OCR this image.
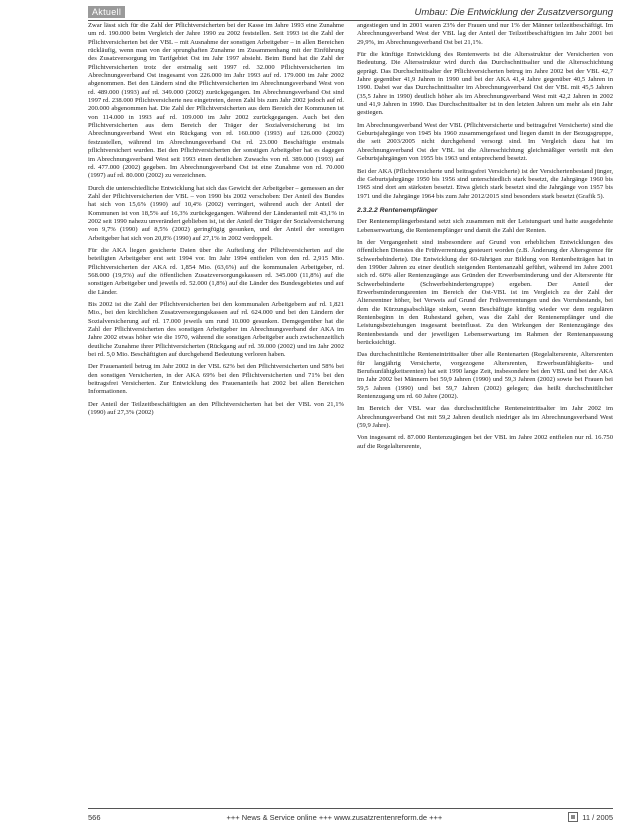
Aktuell	Umbau: Die Entwicklung der Zusatzversorgung

Zwar lässt sich für die Zahl der Pflichtversicherten bei der Kasse im Jahre 1993 eine Zunahme um rd. 190.000 beim Vergleich der Jahre 1990 zu 2002 feststellen. Seit 1993 ist die Zahl der Pflichtversicherten bei der VBL – mit Ausnahme der sonstigen Arbeitgeber – in allen Bereichen rückläufig, wenn man von der sprunghaften Zunahme im Zusammenhang mit der Einführung des Zusatzversorgung im Tarifgebiet Ost im Jahr 1997 absieht. Beim Bund hat die Zahl der Pflichtversicherten trotz der erstmalig seit 1997 rd. 32.000 Pflichtversicherten im Abrechnungsverband Ost insgesamt von 226.000 im Jahr 1993 auf rd. 179.000 im Jahr 2002 abgenommen. Bei den Ländern sind die Pflichtversicherten im Abrechnungsverband West von rd. 489.000 (1993) auf rd. 349.000 (2002) zurückgegangen. Im Abrechnungsverband Ost sind 1997 rd. 238.000 Pflichtversicherte neu eingetreten, deren Zahl bis zum Jahr 2002 jedoch auf rd. 200.000 abgenommen hat. Die Zahl der Pflichtversicherten aus dem Bereich der Kommunen ist von 114.000 in 1993 auf rd. 109.000 im Jahr 2002 zurückgegangen. Auch bei den Pflichtversicherten aus dem Bereich der Träger der Sozialversicherung ist im Abrechnungsverband West ein Rückgang von rd. 160.000 (1993) auf 126.000 (2002) festzustellen, während im Abrechnungsverband Ost rd. 23.000 Beschäftigte erstmals pflichtversichert wurden. Bei den Pflichtversicherten der sonstigen Arbeitgeber hat es dagegen im Abrechnungsverband West seit 1993 einen deutlichen Zuwachs von rd. 389.000 (1993) auf rd. 477.000 (2002) gegeben. Im Abrechnungsverband Ost ist eine Zunahme von rd. 70.000 (1997) auf rd. 80.000 (2002) zu verzeichnen.

Durch die unterschiedliche Entwicklung hat sich das Gewicht der Arbeitgeber – gemessen an der Zahl der Pflichtversicherten der VBL – von 1990 bis 2002 verschoben: Der Anteil des Bundes hat sich von 15,6% (1990) auf 10,4% (2002) verringert, während auch der Anteil der Kommunen ist von 18,5% auf 16,3% zurückgegangen. Während der Länderanteil mit 43,1% in 2002 seit 1990 nahezu unverändert geblieben ist, ist der Anteil der Träger der Sozialversicherung von 9,7% (1990) auf 8,5% (2002) geringfügig gesunken, und der Anteil der sonstigen Arbeitgeber hat sich von 20,8% (1990) auf 27,1% in 2002 verdoppelt.

Für die AKA liegen gesicherte Daten über die Aufteilung der Pflichtversicherten auf die beteiligten Arbeitgeber erst seit 1994 vor. Im Jahr 1994 entfielen von den rd. 2,915 Mio. Pflichtversicherten der AKA rd. 1,854 Mio. (63,6%) auf die kommunalen Arbeitgeber, rd. 568.000 (19,5%) auf die öffentlichen Zusatzversorgungskassen rd. 345.000 (11,8%) auf die sonstigen Arbeitgeber und jeweils rd. 52.000 (1,8%) auf die Länder des Bundesgebietes und auf die Länder.

Bis 2002 ist die Zahl der Pflichtversicherten bei den kommunalen Arbeitgebern auf rd. 1,821 Mio., bei den kirchlichen Zusatzversorgungskassen auf rd. 624.000 und bei den Ländern der Sozialversicherung auf rd. 17.000 jeweils um rund 10.000 gesunken. Demgegenüber hat die Zahl der Pflichtversicherten des sonstigen Arbeitgeber im Abrechnungsverband der AKA im Jahre 2002 etwas höher wie die 1970, während die sonstigen Arbeitgeber auch zwischenzeitlich deutliche Zunahme ihrer Pflichtversicherten (Rückgang auf rd. 39.000 (2002) und im Jahr 2002 bei rd. 5,0 Mio. Beschäftigten auf durchgehend Bedeutung verloren haben.

Der Frauenanteil betrug im Jahr 2002 in der VBL 62% bei den Pflichtversicherten und 58% bei den sonstigen Versicherten, in der AKA 69% bei den Pflichtversicherten und 71% bei den beitragsfrei Versicherten. Zur Entwicklung des Frauenanteils hat 2002 bei allen Bereichen Informationen.

Der Anteil der Teilzeitbeschäftigten an den Pflichtversicherten hat bei der VBL von 21,1% (1990) auf 27,3% (2002)

angestiegen und in 2001 waren 23% der Frauen und nur 1% der Männer teilzeitbeschäftigt. Im Abrechnungsverband West der VBL lag der Anteil der Teilzeitbeschäftigten im Jahr 2001 bei 29,9%, im Abrechnungsverband Ost bei 21,1%.

Für die künftige Entwicklung des Rentenwerts ist die Altersstruktur der Versicherten von Bedeutung. Die Altersstruktur wird durch das Durchschnittsalter und die Altersschichtung geprägt. Das Durchschnittsalter der Pflichtversicherten betrug im Jahre 2002 bei der VBL 42,7 Jahre gegenüber 41,9 Jahren in 1990 und bei der AKA 41,4 Jahre gegenüber 40,5 Jahren in 1990. Dabei war das Durchschnittsalter im Abrechnungsverband Ost der VBL mit 45,5 Jahren (35,5 Jahre in 1990) deutlich höher als im Abrechnungsverband West mit 42,2 Jahren in 2002 und 41,9 Jahren in 1990. Das Durchschnittsalter ist in den letzten Jahren um mehr als ein Jahr gestiegen.

Im Abrechnungsverband West der VBL (Pflichtversicherte und beitragsfrei Versicherte) sind die Geburtsjahrgänge von 1945 bis 1960 zusammengefasst und liegen damit in der Bezugsgruppe, die seit 2003/2005 nicht durchgehend versorgt sind. Im Vergleich dazu hat im Abrechnungsverband Ost der VBL ist die Altersschichtung gleichmäßiger verteilt mit den Geburtsjahrgängen von 1955 bis 1963 und entsprechend besetzt.

Bei der AKA (Pflichtversicherte und beitragsfrei Versicherte) ist der Versichertenbestand jünger, die Geburtsjahrgänge 1950 bis 1956 sind unterschiedlich stark besetzt, die Jahrgänge 1960 bis 1965 sind dort am stärksten besetzt. Etwa gleich stark besetzt sind die Jahrgänge von 1957 bis 1971 und die Jahrgänge 1964 bis zum Jahr 2012/2015 sind besonders stark besetzt (Grafik 5).

2.3.2.2 Rentenempfänger

Der Rentenempfängerbestand setzt sich zusammen mit der Leistungsart und hatte ausgedehnte Lebenserwartung, die Rentenempfänger und damit die Zahl der Renten.

In der Vergangenheit sind insbesondere auf Grund von erheblichen Entwicklungen des öffentlichen Dienstes die Frühverrentung gesteuert worden (z.B. Änderung der Altersgrenze für Schwerbehinderte). Die Entwicklung der 60-Jährigen zur Bildung von Rentenbeiträgen hat in den 1990er Jahren zu einer deutlich steigenden Rentenanzahl geführt, während im Jahre 2001 sich rd. 60% aller Rentenzugänge aus Gründen der Erwerbsminderung und der Altersrente für Schwerbehinderte (Schwerbehindertengruppe) ergeben. Der Anteil der Erwerbsminderungsrenten im Bereich der Ost-VBL ist im Vergleich zu der Zahl der Altersrentner höher, bei Verweis auf Grund der Frühverrentungen und des Vorruhestands, bei dem die Kürzungsabschläge sinken, wenn Beschäftigte künftig wieder vor dem regulären Rentenbeginn in den Ruhestand gehen, was die Zahl der Rentenempfänger und die Leistungsbeziehungen insgesamt beeinflusst. Zu den Wirkungen der Rentenzugänge des Rentenbestands und der jeweiligen Lebenserwartung im Rahmen der Rentenanpassung berücksichtigt.

Das durchschnittliche Renteneintrittsalter über alle Rentenarten (Regelaltersrente, Altersrenten für langjährig Versicherte, vorgezogene Altersrenten, Erwerbsunfähigkeits- und Berufsunfähigkeitsrenten) hat seit 1990 lange Zeit, insbesondere bei den VBL und bei der AKA im Jahr 2002 bei Männern bei 59,9 Jahren (1990) und 59,3 Jahren (2002) sowie bei Frauen bei 59,5 Jahren (1990) und bei 59,7 Jahren (2002) gelegen; das heißt durchschnittlicher Rentenzugang um rd. 60 Jahre (2002).

Im Bereich der VBL war das durchschnittliche Renteneintrittsalter im Jahr 2002 im Abrechnungsverband Ost mit 59,2 Jahren deutlich niedriger als im Abrechnungsverband West (59,9 Jahre).

Von insgesamt rd. 87.000 Rentenzugängen bei der VBL im Jahre 2002 entfielen nur rd. 16.750 auf die Regelaltersrente,

566	+++ News & Service online +++ www.zusatzrentenreform.de +++	11 / 2005
